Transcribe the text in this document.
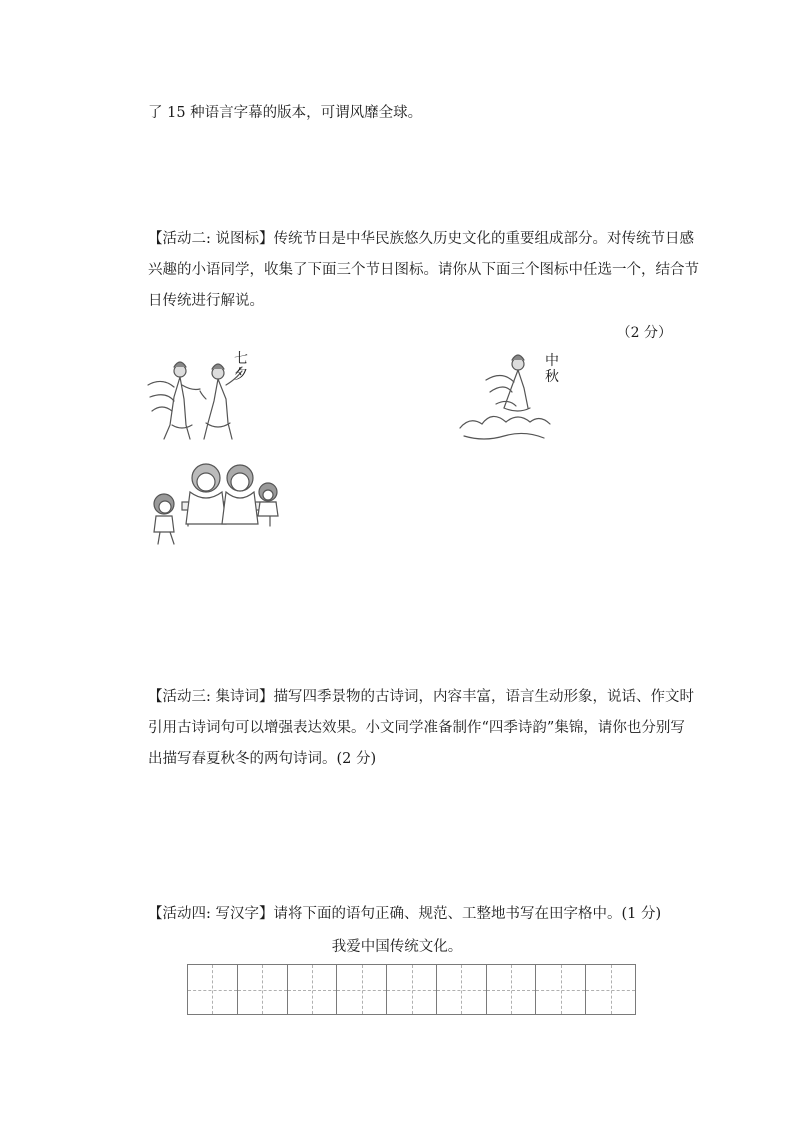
了 15 种语言字幕的版本，可谓风靡全球。
【活动二: 说图标】传统节日是中华民族悠久历史文化的重要组成部分。对传统节日感
兴趣的小语同学，收集了下面三个节日图标。请你从下面三个图标中任选一个，结合节
日传统进行解说。
（2 分）
七夕
中秋
【活动三: 集诗词】描写四季景物的古诗词，内容丰富，语言生动形象，说话、作文时
引用古诗词句可以增强表达效果。小文同学准备制作“四季诗韵”集锦，请你也分别写
出描写春夏秋冬的两句诗词。(2 分)
【活动四: 写汉字】请将下面的语句正确、规范、工整地书写在田字格中。(1 分)
我爱中国传统文化。
